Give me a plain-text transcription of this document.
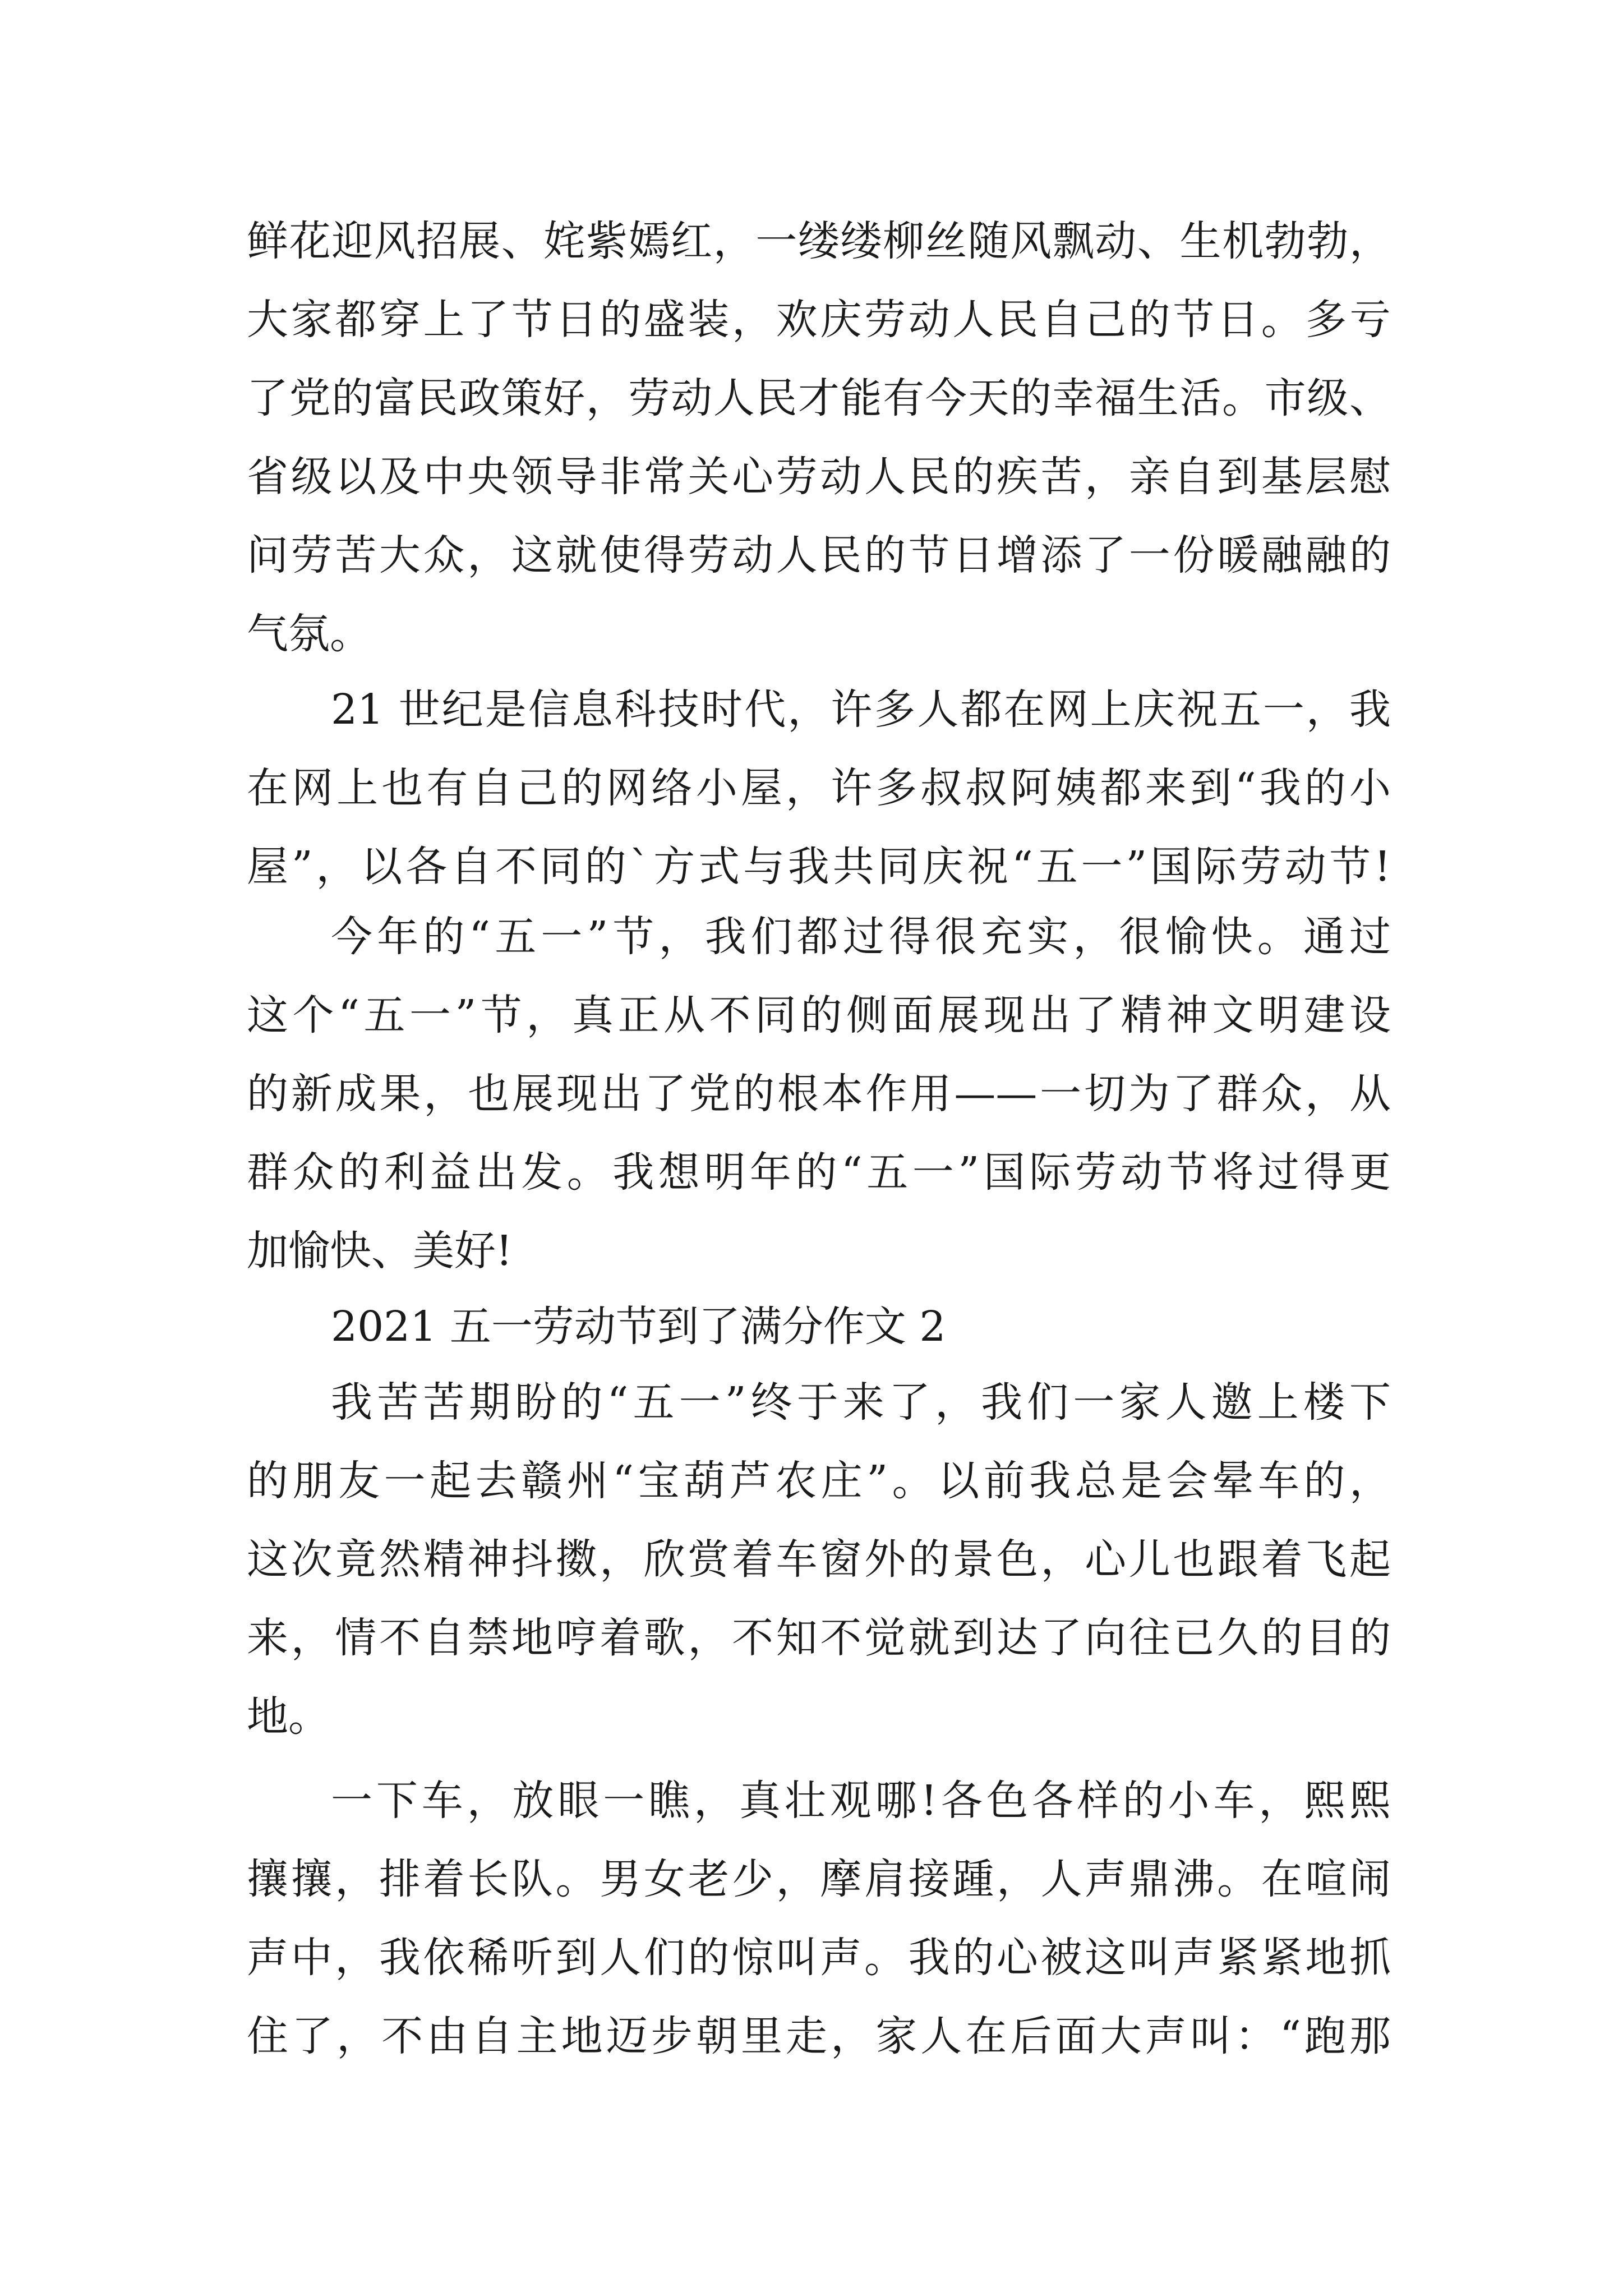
鲜花迎风招展、姹紫嫣红，一缕缕柳丝随风飘动、生机勃勃，
大家都穿上了节日的盛装，欢庆劳动人民自己的节日。多亏
了党的富民政策好，劳动人民才能有今天的幸福生活。市级、
省级以及中央领导非常关心劳动人民的疾苦，亲自到基层慰
问劳苦大众，这就使得劳动人民的节日增添了一份暖融融的
气氛。
21 世纪是信息科技时代，许多人都在网上庆祝五一，我
在网上也有自己的网络小屋，许多叔叔阿姨都来到“我的小
屋”，以各自不同的`方式与我共同庆祝“五一”国际劳动节!
今年的“五一”节，我们都过得很充实，很愉快。通过
这个“五一”节，真正从不同的侧面展现出了精神文明建设
的新成果，也展现出了党的根本作用——一切为了群众，从
群众的利益出发。我想明年的“五一”国际劳动节将过得更
加愉快、美好!
2021 五一劳动节到了满分作文 2
我苦苦期盼的“五一”终于来了，我们一家人邀上楼下
的朋友一起去赣州“宝葫芦农庄”。以前我总是会晕车的，
这次竟然精神抖擞，欣赏着车窗外的景色，心儿也跟着飞起
来，情不自禁地哼着歌，不知不觉就到达了向往已久的目的
地。
一下车，放眼一瞧，真壮观哪!各色各样的小车，熙熙
攘攘，排着长队。男女老少，摩肩接踵，人声鼎沸。在喧闹
声中，我依稀听到人们的惊叫声。我的心被这叫声紧紧地抓
住了，不由自主地迈步朝里走，家人在后面大声叫：“跑那
